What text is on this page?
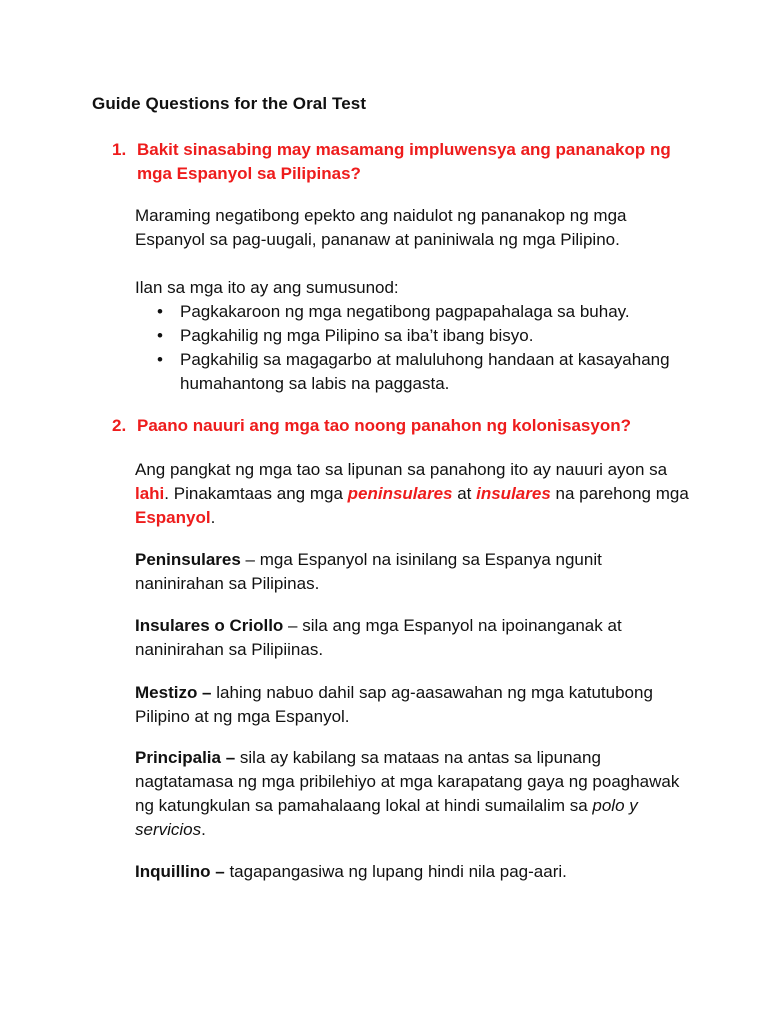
Guide Questions for the Oral Test
1. Bakit sinasabing may masamang impluwensya ang pananakop ng mga Espanyol sa Pilipinas?
Maraming negatibong epekto ang naidulot ng pananakop ng mga Espanyol sa pag-uugali, pananaw at paniniwala ng mga Pilipino.
Ilan sa mga ito ay ang sumusunod:
• Pagkakaroon ng mga negatibong pagpapahalaga sa buhay.
• Pagkahilig ng mga Pilipino sa iba’t ibang bisyo.
• Pagkahilig sa magagarbo at maluluhong handaan at kasayahang humahantong sa labis na paggasta.
2. Paano nauuri ang mga tao noong panahon ng kolonisasyon?
Ang pangkat ng mga tao sa lipunan sa panahong ito ay nauuri ayon sa lahi. Pinakamtaas ang mga peninsulares at insulares na parehong mga Espanyol.
Peninsulares – mga Espanyol na isinilang sa Espanya ngunit naninirahan sa Pilipinas.
Insulares o Criollo – sila ang mga Espanyol na ipoinanganak at naninirahan sa Pilipiinas.
Mestizo – lahing nabuo dahil sap ag-aasawahan ng mga katutubong Pilipino at ng mga Espanyol.
Principalia – sila ay kabilang sa mataas na antas sa lipunang nagtatamasa ng mga pribilehiyo at mga karapatang gaya ng poaghawak ng katungkulan sa pamahalaang lokal at hindi sumailalim sa polo y servicios.
Inquillino – tagapangasiwa ng lupang hindi nila pag-aari.
